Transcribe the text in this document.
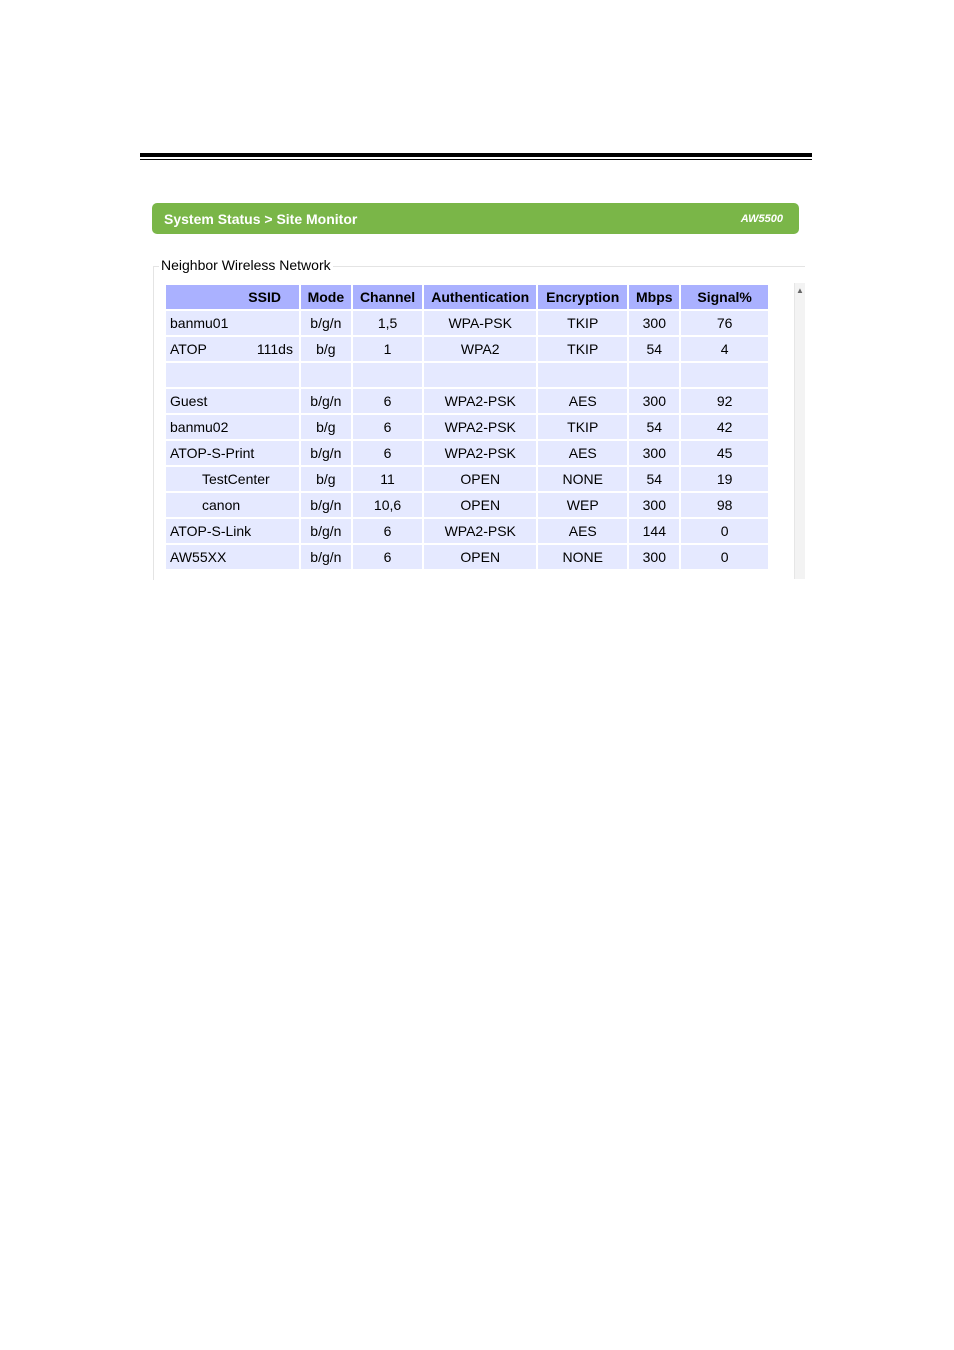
System Status > Site Monitor	AW5500
Neighbor Wireless Network
SSID	Mode	Channel	Authentication	Encryption	Mbps	Signal%
banmu01	b/g/n	1,5	WPA-PSK	TKIP	300	76
ATOP 111ds	b/g	1	WPA2	TKIP	54	4

Guest	b/g/n	6	WPA2-PSK	AES	300	92
banmu02	b/g	6	WPA2-PSK	TKIP	54	42
ATOP-S-Print	b/g/n	6	WPA2-PSK	AES	300	45
TestCenter	b/g	11	OPEN	NONE	54	19
canon	b/g/n	10,6	OPEN	WEP	300	98
ATOP-S-Link	b/g/n	6	WPA2-PSK	AES	144	0
AW55XX	b/g/n	6	OPEN	NONE	300	0
▲
